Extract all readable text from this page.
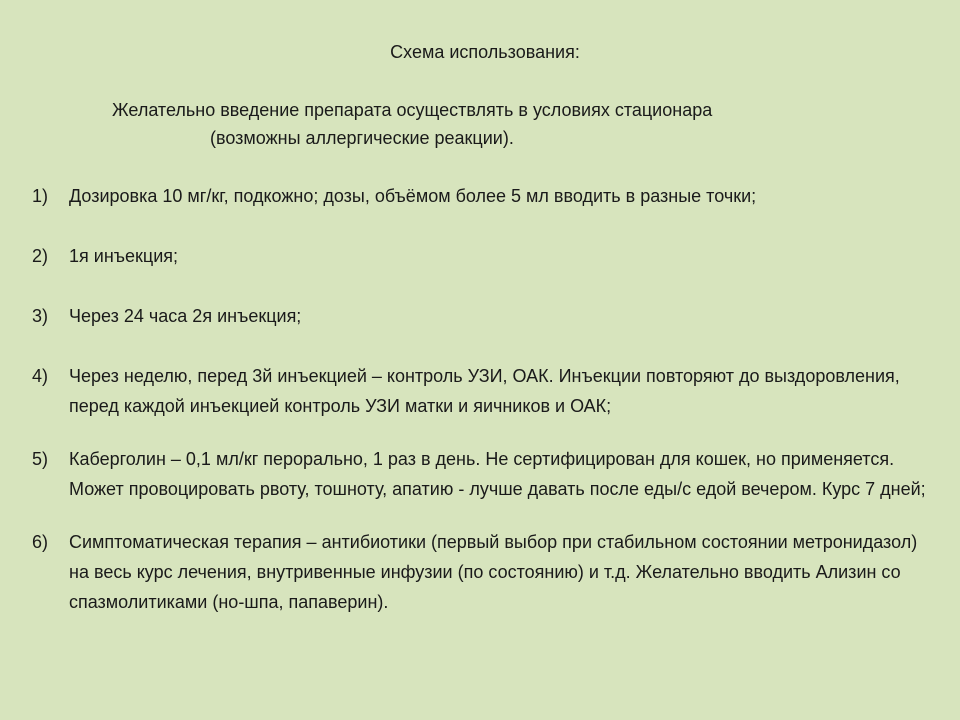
Схема использования:
Желательно введение препарата осуществлять в условиях стационара
(возможны аллергические реакции).
1)	Дозировка 10 мг/кг, подкожно; дозы, объёмом более 5 мл вводить в разные точки;
2)	1я инъекция;
3)	Через 24 часа 2я инъекция;
4)	Через неделю, перед 3й инъекцией – контроль УЗИ, ОАК. Инъекции повторяют до выздоровления, перед каждой инъекцией контроль УЗИ матки и яичников и ОАК;
5)	Каберголин – 0,1 мл/кг перорально, 1 раз в день. Не сертифицирован для кошек, но применяется. Может провоцировать рвоту, тошноту, апатию - лучше давать после еды/с едой вечером. Курс 7 дней;
6)	Симптоматическая терапия – антибиотики (первый выбор при стабильном состоянии метронидазол) на весь курс лечения, внутривенные инфузии (по состоянию) и т.д. Желательно вводить Ализин со спазмолитиками (но-шпа, папаверин).
